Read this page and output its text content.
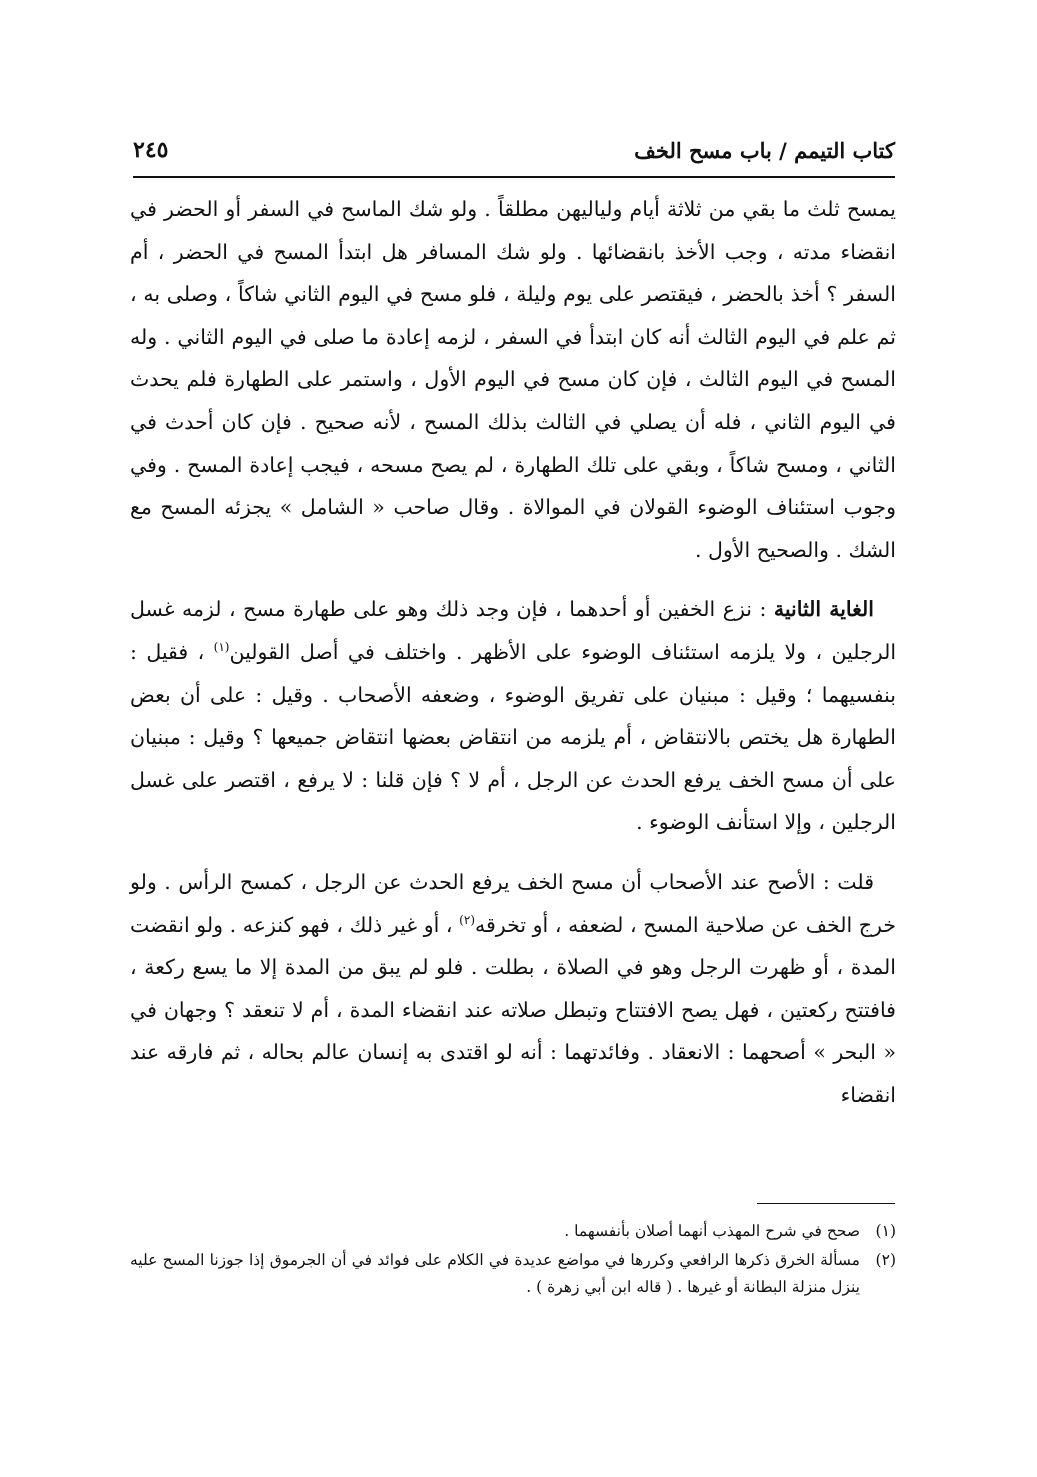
كتاب التيمم / باب مسح الخف
٢٤٥

يمسح ثلث ما بقي من ثلاثة أيام ولياليهن مطلقاً . ولو شك الماسح في السفر أو الحضر في انقضاء مدته ، وجب الأخذ بانقضائها . ولو شك المسافر هل ابتدأ المسح في الحضر ، أم السفر ؟ أخذ بالحضر ، فيقتصر على يوم وليلة ، فلو مسح في اليوم الثاني شاكاً ، وصلى به ، ثم علم في اليوم الثالث أنه كان ابتدأ في السفر ، لزمه إعادة ما صلى في اليوم الثاني . وله المسح في اليوم الثالث ، فإن كان مسح في اليوم الأول ، واستمر على الطهارة فلم يحدث في اليوم الثاني ، فله أن يصلي في الثالث بذلك المسح ، لأنه صحيح . فإن كان أحدث في الثاني ، ومسح شاكاً ، وبقي على تلك الطهارة ، لم يصح مسحه ، فيجب إعادة المسح . وفي وجوب استئناف الوضوء القولان في الموالاة . وقال صاحب « الشامل » يجزئه المسح مع الشك . والصحيح الأول .

الغاية الثانية : نزع الخفين أو أحدهما ، فإن وجد ذلك وهو على طهارة مسح ، لزمه غسل الرجلين ، ولا يلزمه استئناف الوضوء على الأظهر . واختلف في أصل القولين$^{(١)}$ ، فقيل : بنفسيهما ؛ وقيل : مبنيان على تفريق الوضوء ، وضعفه الأصحاب . وقيل : على أن بعض الطهارة هل يختص بالانتقاض ، أم يلزمه من انتقاض بعضها انتقاض جميعها ؟ وقيل : مبنيان على أن مسح الخف يرفع الحدث عن الرجل ، أم لا ؟ فإن قلنا : لا يرفع ، اقتصر على غسل الرجلين ، وإلا استأنف الوضوء .

قلت : الأصح عند الأصحاب أن مسح الخف يرفع الحدث عن الرجل ، كمسح الرأس . ولو خرج الخف عن صلاحية المسح ، لضعفه ، أو تخرقه$^{(٢)}$ ، أو غير ذلك ، فهو كنزعه . ولو انقضت المدة ، أو ظهرت الرجل وهو في الصلاة ، بطلت . فلو لم يبق من المدة إلا ما يسع ركعة ، فافتتح ركعتين ، فهل يصح الافتتاح وتبطل صلاته عند انقضاء المدة ، أم لا تنعقد ؟ وجهان في « البحر » أصحهما : الانعقاد . وفائدتهما : أنه لو اقتدى به إنسان عالم بحاله ، ثم فارقه عند انقضاء

(١)
صحح في شرح المهذب أنهما أصلان بأنفسهما .
(٢)
مسألة الخرق ذكرها الرافعي وكررها في مواضع عديدة في الكلام على فوائد في أن الجرموق إذا جوزنا المسح عليه ينزل منزلة البطانة أو غيرها . ( قاله ابن أبي زهرة ) .
